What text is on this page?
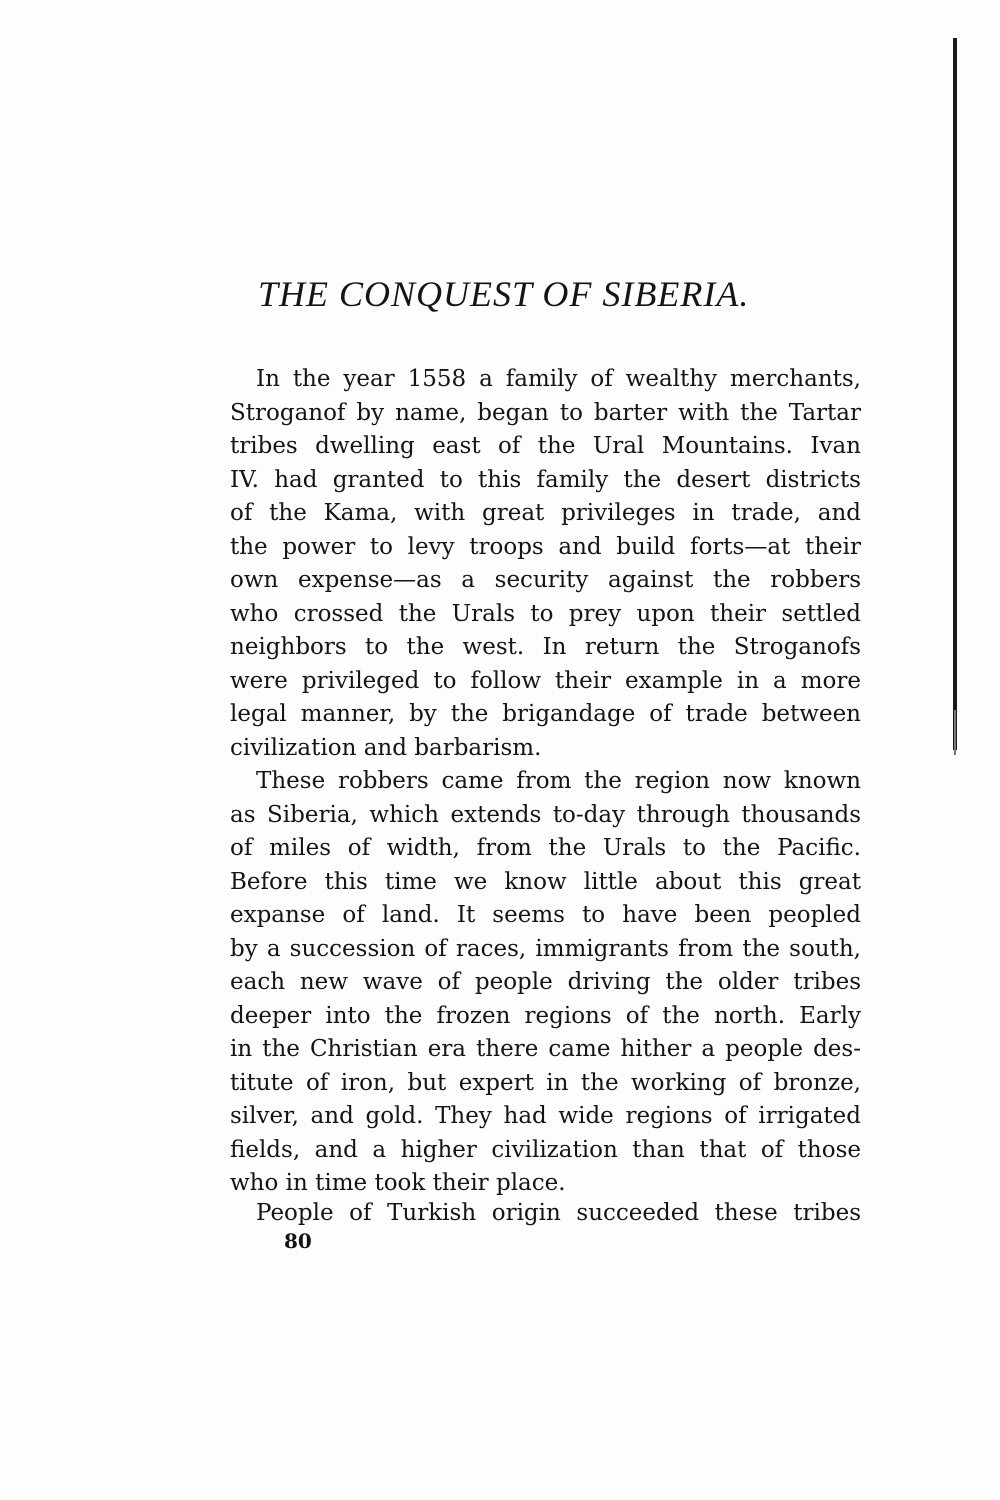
THE CONQUEST OF SIBERIA.
In the year 1558 a family of wealthy merchants,
Stroganof by name, began to barter with the Tartar
tribes dwelling east of the Ural Mountains. Ivan
IV. had granted to this family the desert districts
of the Kama, with great privileges in trade, and
the power to levy troops and build forts—at their
own expense—as a security against the robbers
who crossed the Urals to prey upon their settled
neighbors to the west. In return the Stroganofs
were privileged to follow their example in a more
legal manner, by the brigandage of trade between
civilization and barbarism.
These robbers came from the region now known
as Siberia, which extends to-day through thousands
of miles of width, from the Urals to the Pacific.
Before this time we know little about this great
expanse of land. It seems to have been peopled
by a succession of races, immigrants from the south,
each new wave of people driving the older tribes
deeper into the frozen regions of the north. Early
in the Christian era there came hither a people des-
titute of iron, but expert in the working of bronze,
silver, and gold. They had wide regions of irrigated
fields, and a higher civilization than that of those
who in time took their place.
People of Turkish origin succeeded these tribes
80
